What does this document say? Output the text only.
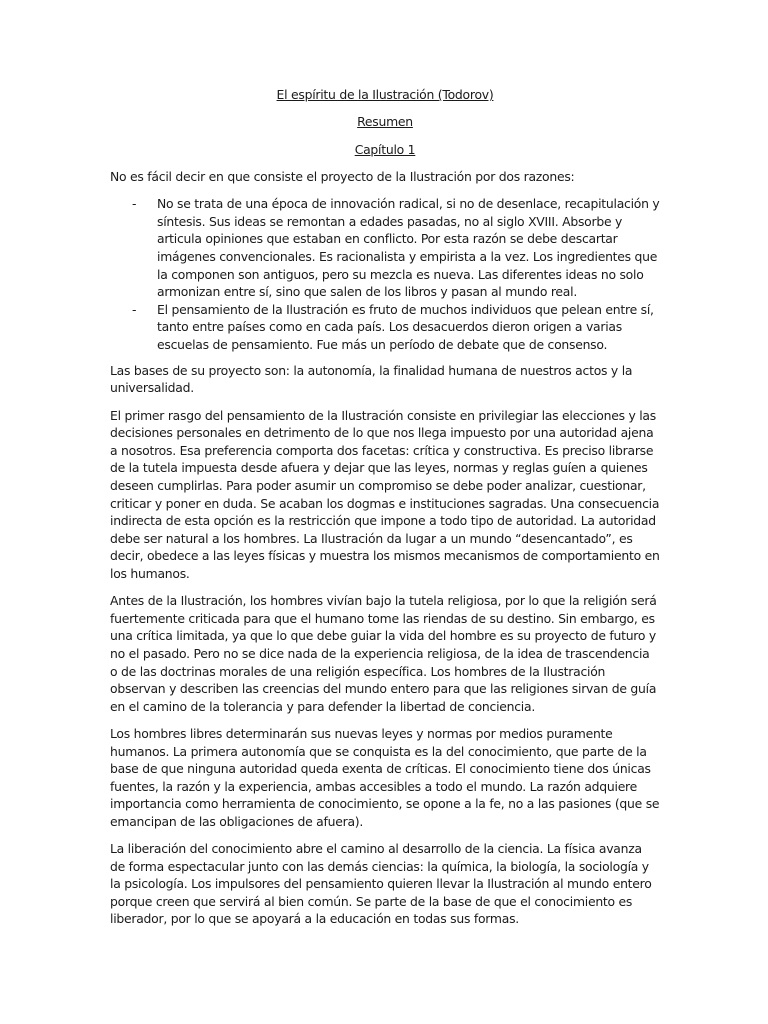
El espíritu de la Ilustración (Todorov)

Resumen

Capítulo 1

No es fácil decir en que consiste el proyecto de la Ilustración por dos razones:

- No se trata de una época de innovación radical, si no de desenlace, recapitulación y síntesis. Sus ideas se remontan a edades pasadas, no al siglo XVIII. Absorbe y articula opiniones que estaban en conflicto. Por esta razón se debe descartar imágenes convencionales. Es racionalista y empirista a la vez. Los ingredientes que la componen son antiguos, pero su mezcla es nueva. Las diferentes ideas no solo armonizan entre sí, sino que salen de los libros y pasan al mundo real.
- El pensamiento de la Ilustración es fruto de muchos individuos que pelean entre sí, tanto entre países como en cada país. Los desacuerdos dieron origen a varias escuelas de pensamiento. Fue más un período de debate que de consenso.

Las bases de su proyecto son: la autonomía, la finalidad humana de nuestros actos y la universalidad.

El primer rasgo del pensamiento de la Ilustración consiste en privilegiar las elecciones y las decisiones personales en detrimento de lo que nos llega impuesto por una autoridad ajena a nosotros. Esa preferencia comporta dos facetas: crítica y constructiva. Es preciso librarse de la tutela impuesta desde afuera y dejar que las leyes, normas y reglas guíen a quienes deseen cumplirlas. Para poder asumir un compromiso se debe poder analizar, cuestionar, criticar y poner en duda. Se acaban los dogmas e instituciones sagradas. Una consecuencia indirecta de esta opción es la restricción que impone a todo tipo de autoridad. La autoridad debe ser natural a los hombres. La Ilustración da lugar a un mundo “desencantado”, es decir, obedece a las leyes físicas y muestra los mismos mecanismos de comportamiento en los humanos.

Antes de la Ilustración, los hombres vivían bajo la tutela religiosa, por lo que la religión será fuertemente criticada para que el humano tome las riendas de su destino. Sin embargo, es una crítica limitada, ya que lo que debe guiar la vida del hombre es su proyecto de futuro y no el pasado. Pero no se dice nada de la experiencia religiosa, de la idea de trascendencia o de las doctrinas morales de una religión específica. Los hombres de la Ilustración observan y describen las creencias del mundo entero para que las religiones sirvan de guía en el camino de la tolerancia y para defender la libertad de conciencia.

Los hombres libres determinarán sus nuevas leyes y normas por medios puramente humanos. La primera autonomía que se conquista es la del conocimiento, que parte de la base de que ninguna autoridad queda exenta de críticas. El conocimiento tiene dos únicas fuentes, la razón y la experiencia, ambas accesibles a todo el mundo. La razón adquiere importancia como herramienta de conocimiento, se opone a la fe, no a las pasiones (que se emancipan de las obligaciones de afuera).

La liberación del conocimiento abre el camino al desarrollo de la ciencia. La física avanza de forma espectacular junto con las demás ciencias: la química, la biología, la sociología y la psicología. Los impulsores del pensamiento quieren llevar la Ilustración al mundo entero porque creen que servirá al bien común. Se parte de la base de que el conocimiento es liberador, por lo que se apoyará a la educación en todas sus formas.
